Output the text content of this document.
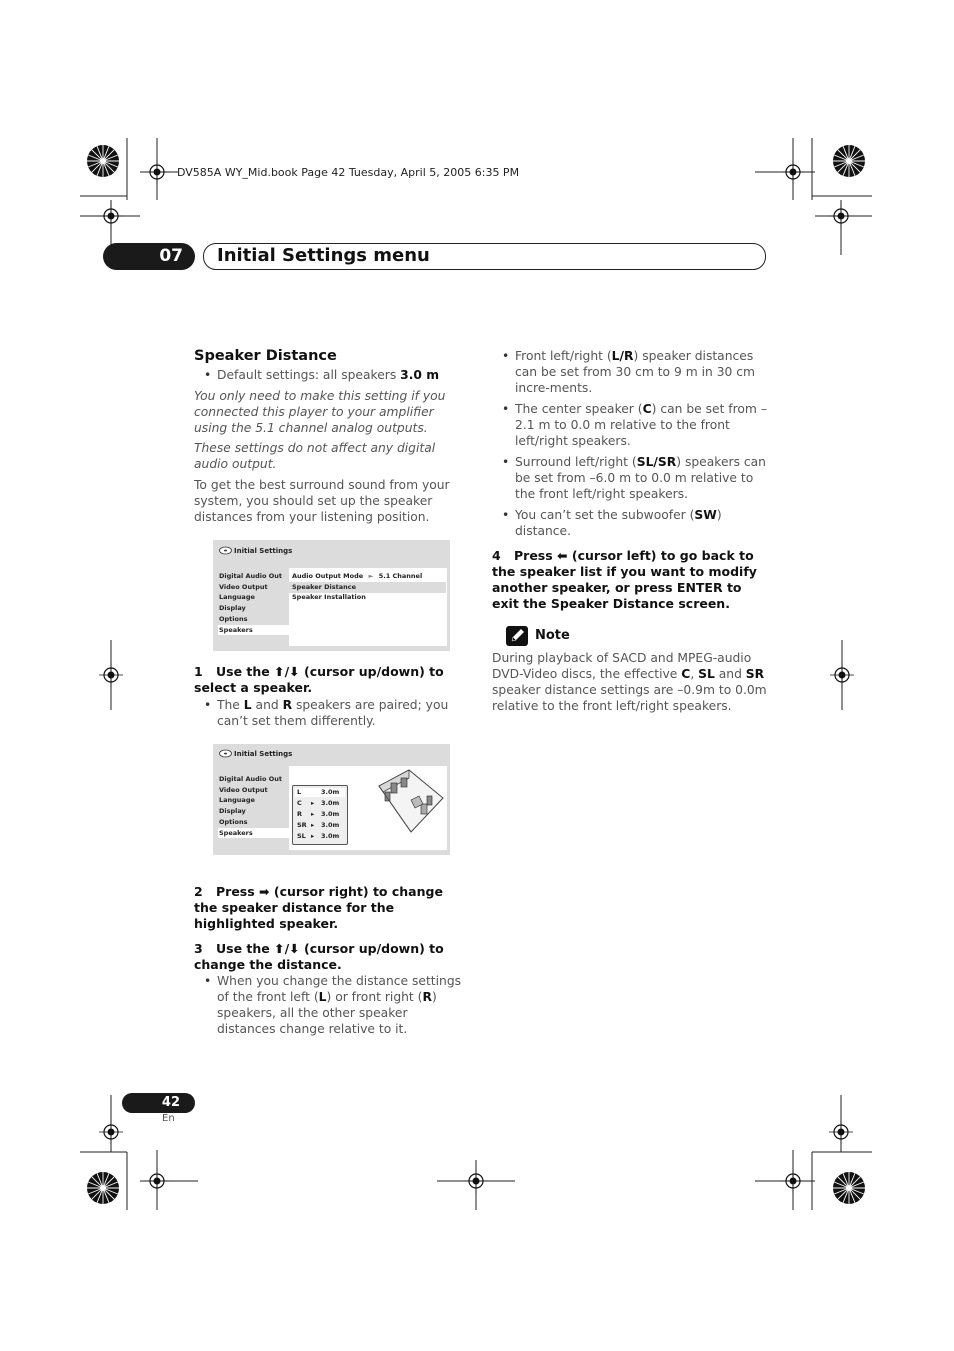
DV585A WY_Mid.book Page 42 Tuesday, April 5, 2005 6:35 PM
07	Initial Settings menu
Speaker Distance
• Default settings: all speakers 3.0 m

You only need to make this setting if you connected this player to your amplifier using the 5.1 channel analog outputs.

These settings do not affect any digital audio output.

To get the best surround sound from your system, you should set up the speaker distances from your listening position.

Initial Settings
Digital Audio Out
Video Output
Language
Display
Options
Speakers
Audio Output Mode ► 5.1 Channel
Speaker Distance
Speaker Installation
1 Use the ⬆/⬇ (cursor up/down) to select a speaker.
• The L and R speakers are paired; you can’t set them differently.
Initial Settings
Digital Audio Out
Video Output
Language
Display
Options
Speakers
L	3.0m
C ▸ 3.0m
R ▸ 3.0m
SR ▸ 3.0m
SL ▸ 3.0m
2 Press ➡ (cursor right) to change the speaker distance for the highlighted speaker.
3 Use the ⬆/⬇ (cursor up/down) to change the distance.
• When you change the distance settings of the front left (L) or front right (R) speakers, all the other speaker distances change relative to it.
• Front left/right (L/R) speaker distances can be set from 30 cm to 9 m in 30 cm incre-ments.
• The center speaker (C) can be set from –2.1 m to 0.0 m relative to the front left/right speakers.
• Surround left/right (SL/SR) speakers can be set from –6.0 m to 0.0 m relative to the front left/right speakers.
• You can’t set the subwoofer (SW) distance.
4 Press ⬅ (cursor left) to go back to the speaker list if you want to modify another speaker, or press ENTER to exit the Speaker Distance screen.
Note

During playback of SACD and MPEG-audio DVD-Video discs, the effective C, SL and SR speaker distance settings are –0.9m to 0.0m relative to the front left/right speakers.

42
En
